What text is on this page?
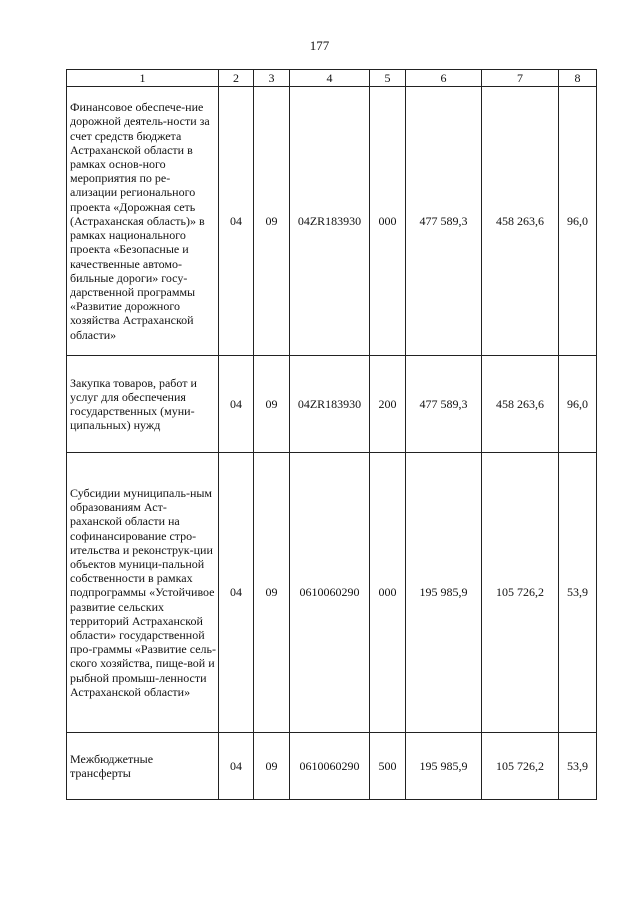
177
1	2	3	4	5	6	7	8

Финансовое обеспече-ние дорожной деятель-ности за счет средств бюджета Астраханской области в рамках основ-ного мероприятия по ре-ализации регионального проекта «Дорожная сеть (Астраханская область)» в рамках национального проекта «Безопасные и качественные автомо-бильные дороги» госу-дарственной программы «Развитие дорожного хозяйства Астраханской области»	04	09	04ZR183930	000	477 589,3	458 263,6	96,0

Закупка товаров, работ и услуг для обеспечения государственных (муни-ципальных) нужд	04	09	04ZR183930	200	477 589,3	458 263,6	96,0

Субсидии муниципаль-ным образованиям Аст-раханской области на софинансирование стро-ительства и реконструк-ции объектов муници-пальной собственности в рамках подпрограммы «Устойчивое развитие сельских территорий Астраханской области» государственной про-граммы «Развитие сель-ского хозяйства, пище-вой и рыбной промыш-ленности Астраханской области»	04	09	0610060290	000	195 985,9	105 726,2	53,9

Межбюджетные трансферты	04	09	0610060290	500	195 985,9	105 726,2	53,9
